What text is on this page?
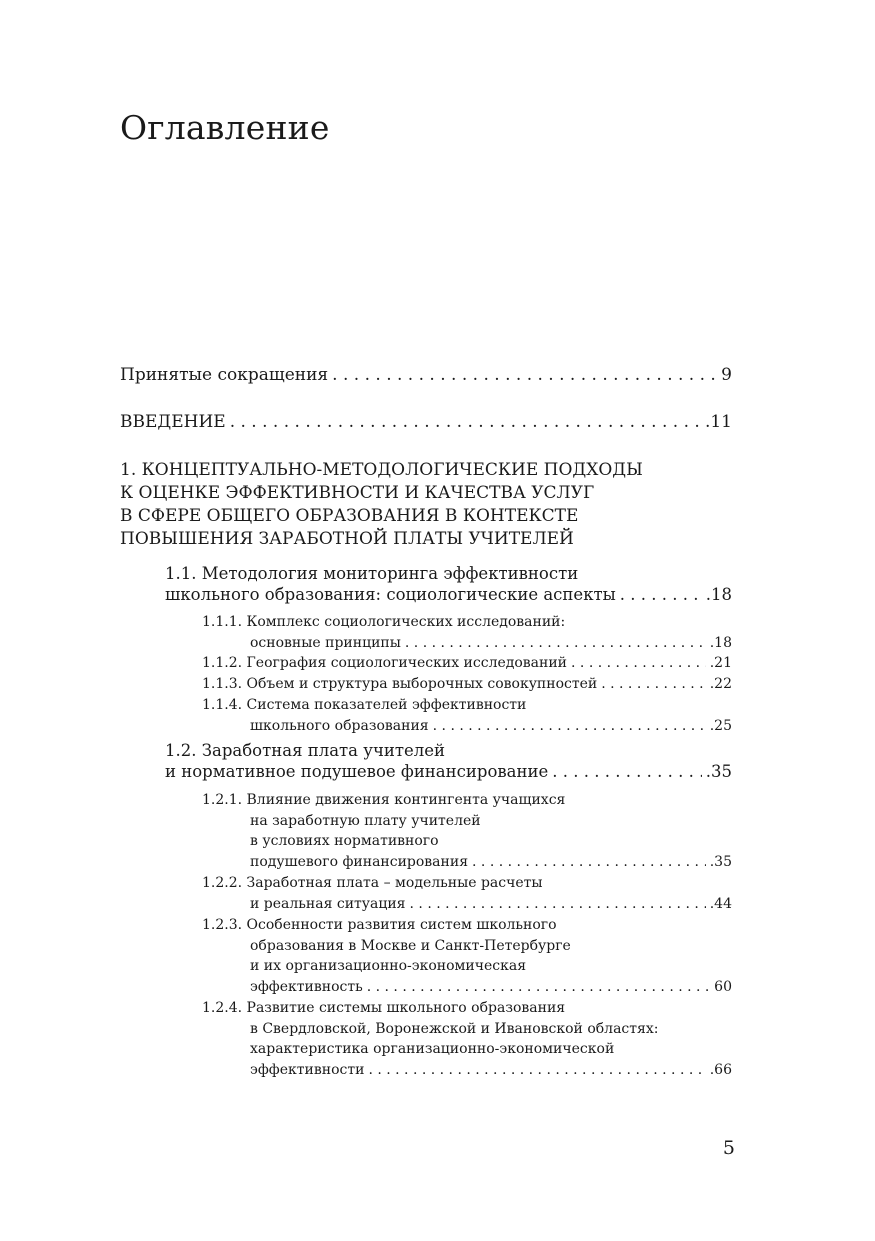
Оглавление
Принятые сокращения . . .	9
ВВЕДЕНИЕ . . .	.11
1. КОНЦЕПТУАЛЬНО-МЕТОДОЛОГИЧЕСКИЕ ПОДХОДЫ
К ОЦЕНКЕ ЭФФЕКТИВНОСТИ И КАЧЕСТВА УСЛУГ
В СФЕРЕ ОБЩЕГО ОБРАЗОВАНИЯ В КОНТЕКСТЕ
ПОВЫШЕНИЯ ЗАРАБОТНОЙ ПЛАТЫ УЧИТЕЛЕЙ
1.1. Методология мониторинга эффективности
школьного образования: социологические аспекты . . .	.18
1.1.1. Комплекс социологических исследований:
основные принципы . . .	.18
1.1.2. География социологических исследований . . .	.21
1.1.3. Объем и структура выборочных совокупностей . . .	.22
1.1.4. Система показателей эффективности
школьного образования . . .	.25
1.2. Заработная плата учителей
и нормативное подушевое финансирование . . .	.35
1.2.1. Влияние движения контингента учащихся
на заработную плату учителей
в условиях нормативного
подушевого финансирования . . .	.35
1.2.2. Заработная плата – модельные расчеты
и реальная ситуация . . .	.44
1.2.3. Особенности развития систем школьного
образования в Москве и Санкт-Петербурге
и их организационно-экономическая
эффективность . . .	60
1.2.4. Развитие системы школьного образования
в Свердловской, Воронежской и Ивановской областях:
характеристика организационно-экономической
эффективности . . .	.66
5
